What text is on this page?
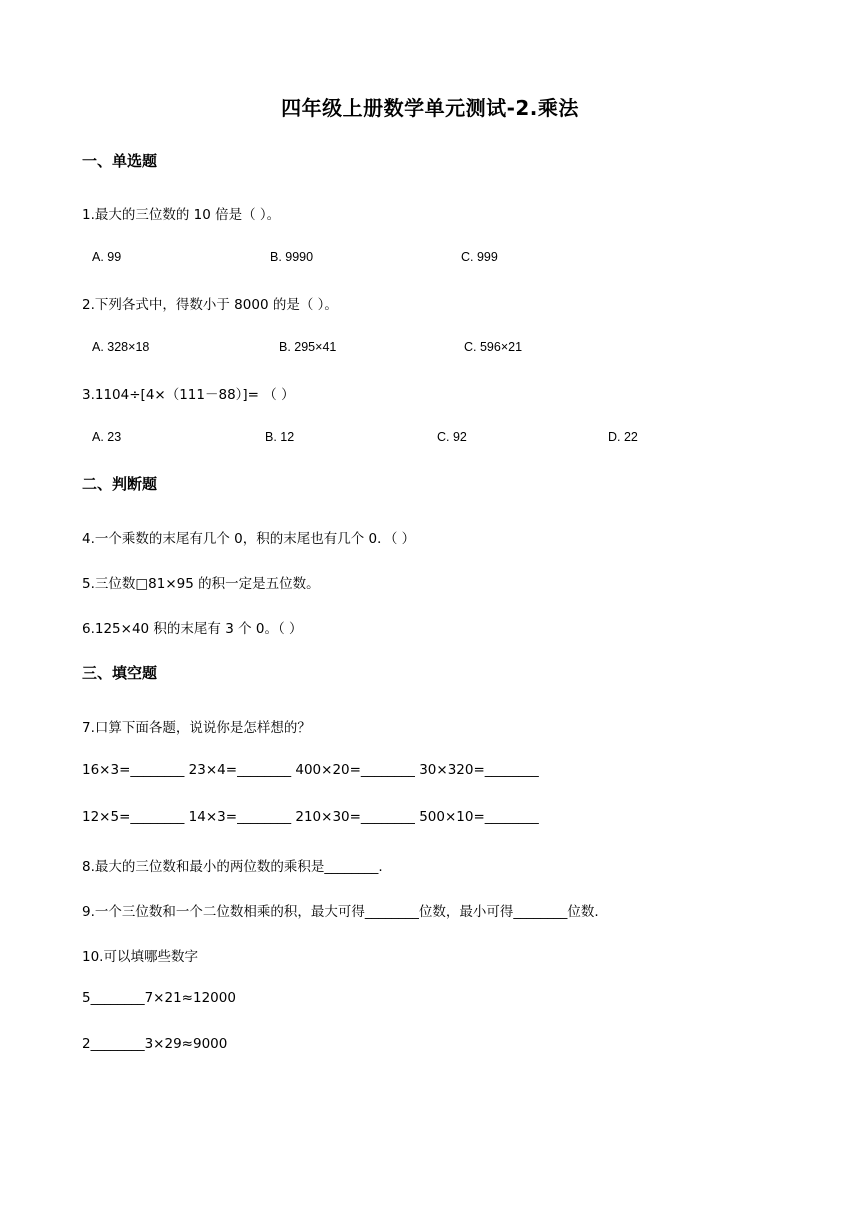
四年级上册数学单元测试-2.乘法
一、单选题
1.最大的三位数的 10 倍是（ ）。
A. 99	B. 9990	C. 999
2.下列各式中，得数小于 8000 的是（ ）。
A. 328×18	B. 295×41	C. 596×21
3.1104÷[4×（111－88）]= （ ）
A. 23	B. 12	C. 92	D. 22
二、判断题
4.一个乘数的末尾有几个 0，积的末尾也有几个 0．（ ）
5.三位数□81×95 的积一定是五位数。
6.125×40 积的末尾有 3 个 0。（ ）
三、填空题
7.口算下面各题，说说你是怎样想的？
16×3=________ 23×4=________ 400×20=________ 30×320=________
12×5=________ 14×3=________ 210×30=________ 500×10=________
8.最大的三位数和最小的两位数的乘积是________.
9.一个三位数和一个二位数相乘的积，最大可得________位数，最小可得________位数.
10.可以填哪些数字
5________7×21≈12000
2________3×29≈9000
